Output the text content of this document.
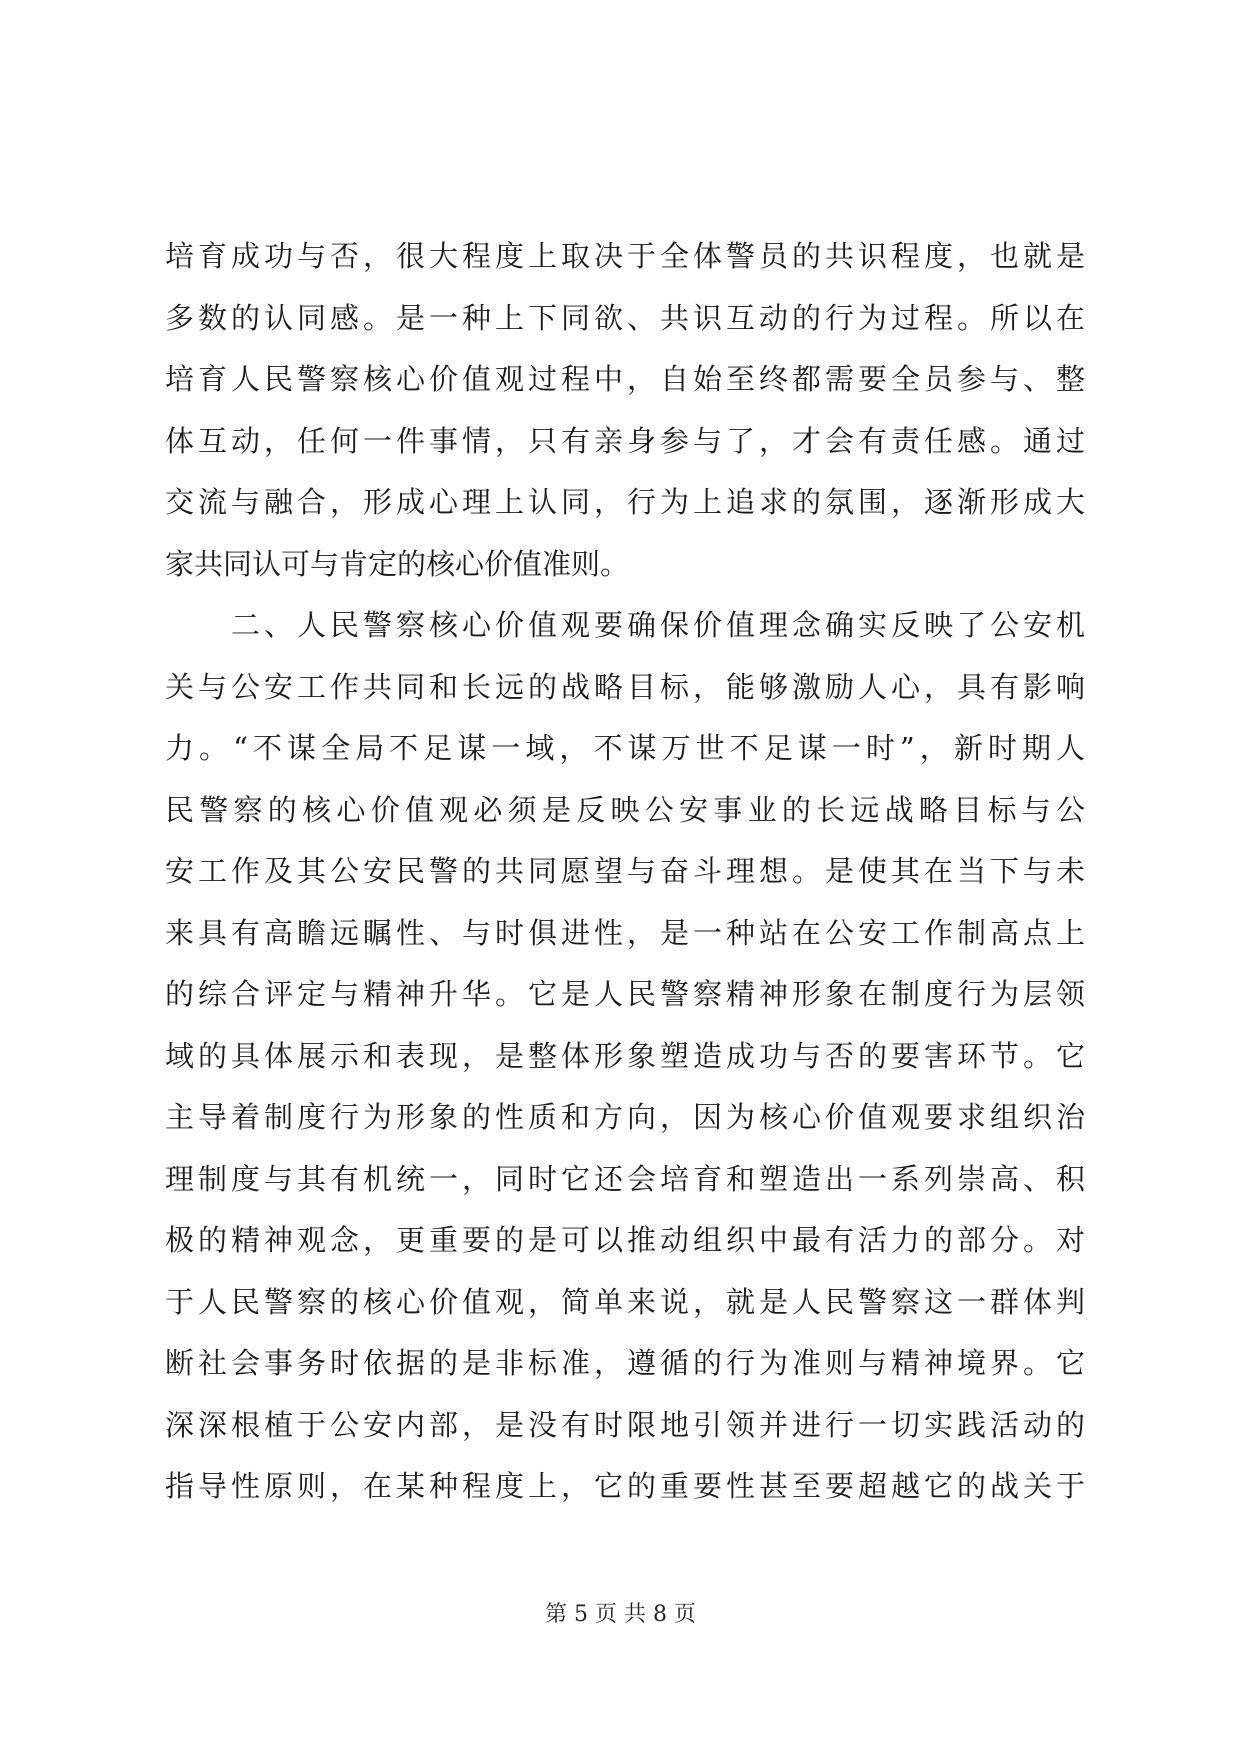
培育成功与否，很大程度上取决于全体警员的共识程度，也就是
多数的认同感。是一种上下同欲、共识互动的行为过程。所以在
培育人民警察核心价值观过程中，自始至终都需要全员参与、整
体互动，任何一件事情，只有亲身参与了，才会有责任感。通过
交流与融合，形成心理上认同，行为上追求的氛围，逐渐形成大
家共同认可与肯定的核心价值准则。
　　二、人民警察核心价值观要确保价值理念确实反映了公安机
关与公安工作共同和长远的战略目标，能够激励人心，具有影响
力。“不谋全局不足谋一域，不谋万世不足谋一时”，新时期人
民警察的核心价值观必须是反映公安事业的长远战略目标与公
安工作及其公安民警的共同愿望与奋斗理想。是使其在当下与未
来具有高瞻远瞩性、与时俱进性，是一种站在公安工作制高点上
的综合评定与精神升华。它是人民警察精神形象在制度行为层领
域的具体展示和表现，是整体形象塑造成功与否的要害环节。它
主导着制度行为形象的性质和方向，因为核心价值观要求组织治
理制度与其有机统一，同时它还会培育和塑造出一系列崇高、积
极的精神观念，更重要的是可以推动组织中最有活力的部分。对
于人民警察的核心价值观，简单来说，就是人民警察这一群体判
断社会事务时依据的是非标准，遵循的行为准则与精神境界。它
深深根植于公安内部，是没有时限地引领并进行一切实践活动的
指导性原则，在某种程度上，它的重要性甚至要超越它的战关于
第 5 页 共 8 页
